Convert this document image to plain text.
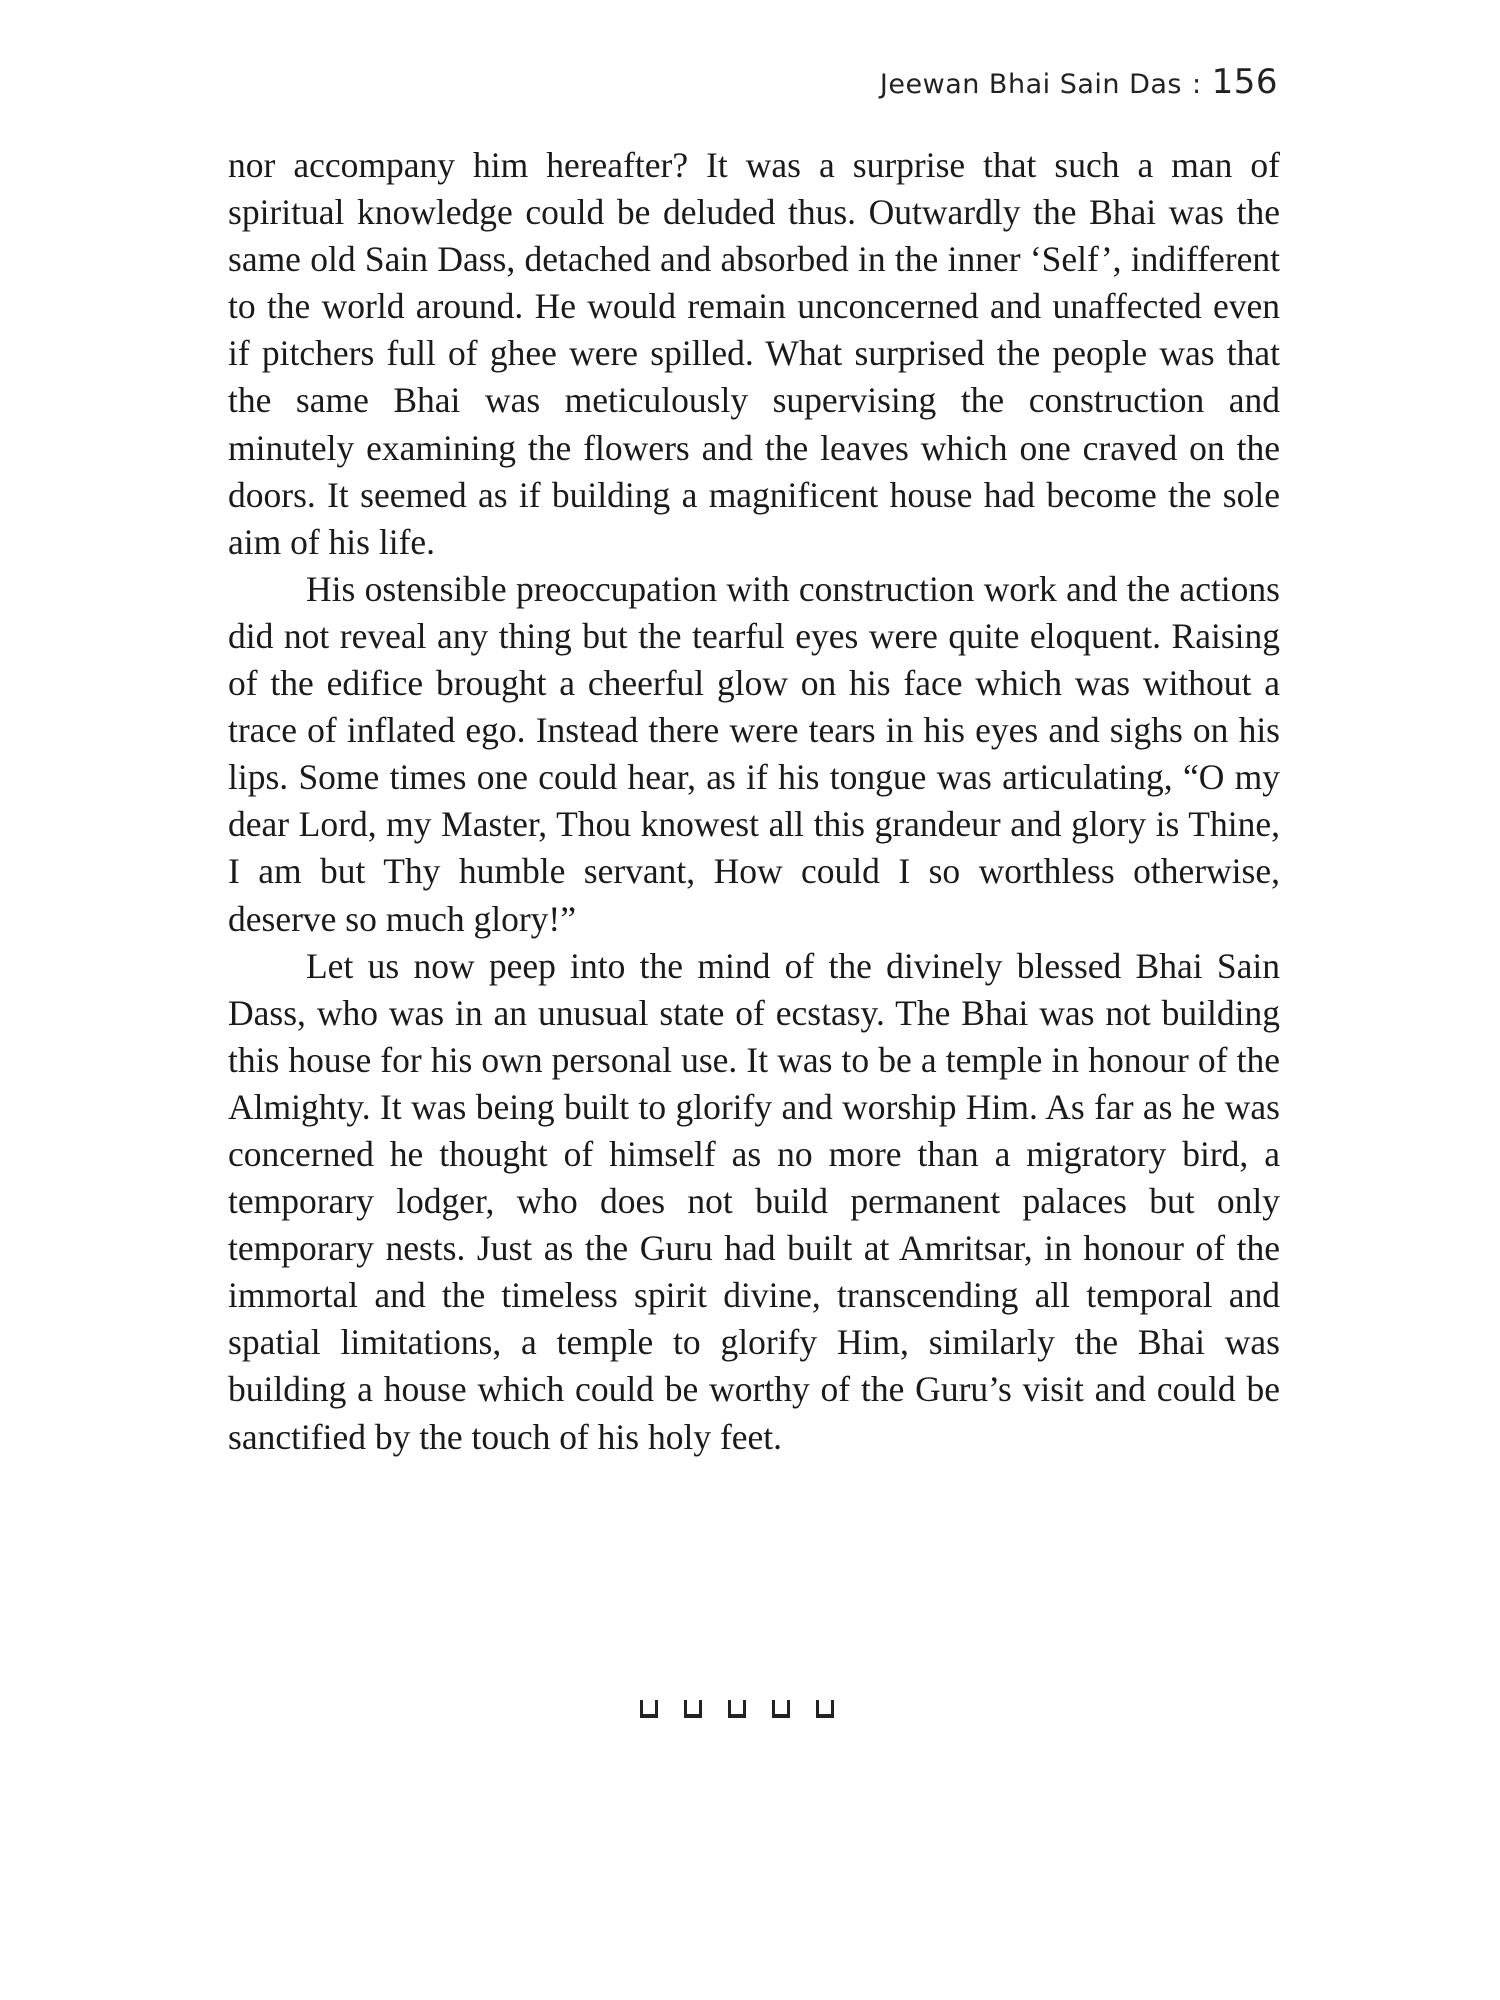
Jeewan Bhai Sain Das : 156

nor accompany him hereafter? It was a surprise that such a man of spiritual knowledge could be deluded thus. Outwardly the Bhai was the same old Sain Dass, detached and absorbed in the inner ‘Self’, indifferent to the world around. He would remain unconcerned and unaffected even if pitchers full of ghee were spilled. What surprised the people was that the same Bhai was meticulously supervising the construction and minutely examining the flowers and the leaves which one craved on the doors. It seemed as if building a magnificent house had become the sole aim of his life.

His ostensible preoccupation with construction work and the actions did not reveal any thing but the tearful eyes were quite eloquent. Raising of the edifice brought a cheerful glow on his face which was without a trace of inflated ego. Instead there were tears in his eyes and sighs on his lips. Some times one could hear, as if his tongue was articulating, “O my dear Lord, my Master, Thou knowest all this grandeur and glory is Thine, I am but Thy humble servant, How could I so worthless otherwise, deserve so much glory!”

Let us now peep into the mind of the divinely blessed Bhai Sain Dass, who was in an unusual state of ecstasy. The Bhai was not building this house for his own personal use. It was to be a temple in honour of the Almighty. It was being built to glorify and worship Him. As far as he was concerned he thought of himself as no more than a migratory bird, a temporary lodger, who does not build permanent palaces but only temporary nests. Just as the Guru had built at Amritsar, in honour of the immortal and the timeless spirit divine, transcending all temporal and spatial limitations, a temple to glorify Him, similarly the Bhai was building a house which could be worthy of the Guru’s visit and could be sanctified by the touch of his holy feet.
